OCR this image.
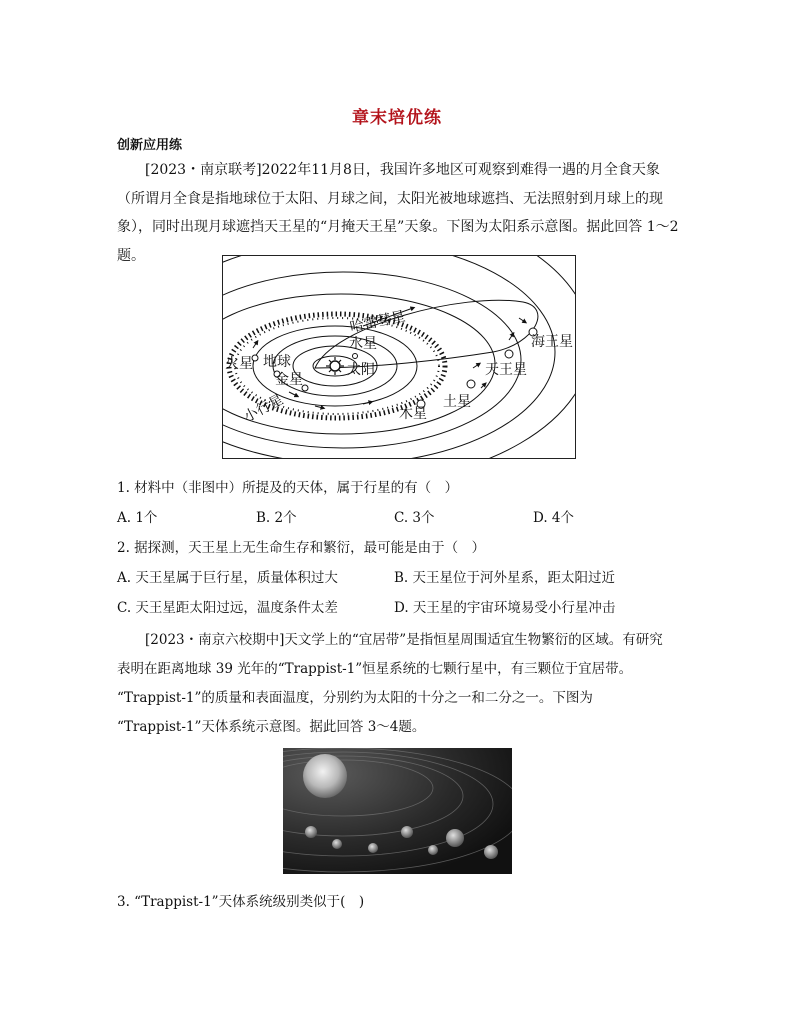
章末培优练
创新应用练
[2023・南京联考]2022年11月8日，我国许多地区可观察到难得一遇的月全食天象（所谓月全食是指地球位于太阳、月球之间，太阳光被地球遮挡、无法照射到月球上的现象），同时出现月球遮挡天王星的“月掩天王星”天象。下图为太阳系示意图。据此回答 1～2题。
哈雷彗星
水星
太阳
火星 地球
金星
小行星	木星
土星
天王星
海王星
1. 材料中（非图中）所提及的天体，属于行星的有（　）
A. 1个	B. 2个	C. 3个	D. 4个
2. 据探测，天王星上无生命生存和繁衍，最可能是由于（　）
A. 天王星属于巨行星，质量体积过大	B. 天王星位于河外星系，距太阳过近
C. 天王星距太阳过远，温度条件太差	D. 天王星的宇宙环境易受小行星冲击
[2023・南京六校期中]天文学上的“宜居带”是指恒星周围适宜生物繁衍的区域。有研究
表明在距离地球 39 光年的“Trappist-1”恒星系统的七颗行星中，有三颗位于宜居带。
“Trappist-1”的质量和表面温度，分别约为太阳的十分之一和二分之一。下图为
“Trappist-1”天体系统示意图。据此回答 3～4题。
3. “Trappist-1”天体系统级别类似于(　)
